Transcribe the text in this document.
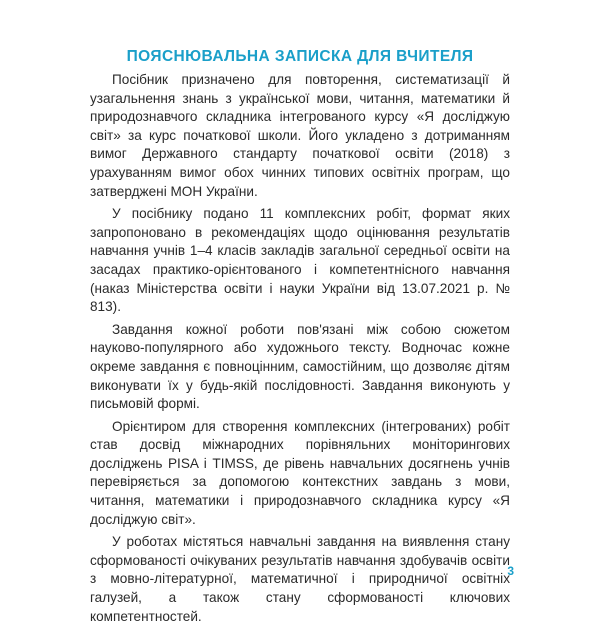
ПОЯСНЮВАЛЬНА ЗАПИСКА ДЛЯ ВЧИТЕЛЯ

Посібник призначено для повторення, систематизації й узагальнення знань з української мови, читання, математики й природознавчого складника інтегрованого курсу «Я досліджую світ» за курс початкової школи. Його укладено з дотриманням вимог Державного стандарту початкової освіти (2018) з урахуванням вимог обох чинних типових освітніх програм, що затверджені МОН України.

У посібнику подано 11 комплексних робіт, формат яких запропоновано в рекомендаціях щодо оцінювання результатів навчання учнів 1–4 класів закладів загальної середньої освіти на засадах практико-орієнтованого і компетентнісного навчання (наказ Міністерства освіти і науки України від 13.07.2021 р. № 813).

Завдання кожної роботи пов'язані між собою сюжетом науково-популярного або художнього тексту. Водночас кожне окреме завдання є повноцінним, самостійним, що дозволяє дітям виконувати їх у будь-якій послідовності. Завдання виконують у письмовій формі.

Орієнтиром для створення комплексних (інтегрованих) робіт став досвід міжнародних порівняльних моніторингових досліджень PISA і TIMSS, де рівень навчальних досягнень учнів перевіряється за допомогою контекстних завдань з мови, читання, математики і природознавчого складника курсу «Я досліджую світ».

У роботах містяться навчальні завдання на виявлення стану сформованості очікуваних результатів навчання здобувачів освіти з мовно-літературної, математичної і природничої освітніх галузей, а також стану сформованості ключових компетентностей.

3
